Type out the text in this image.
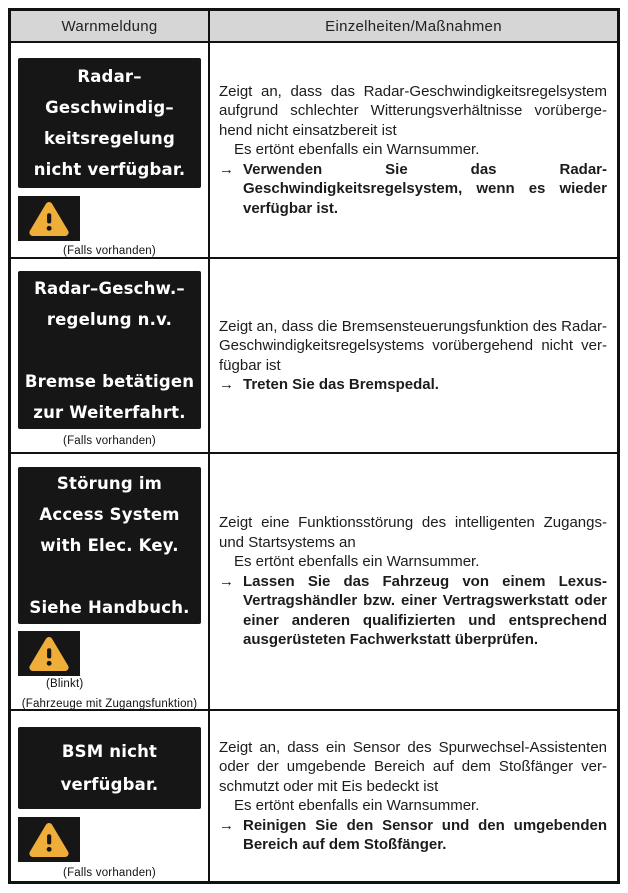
Warnmeldung	Einzelheiten/Maßnahmen
Radar–
Geschwindig–
keitsregelung
nicht verfügbar.
(Falls vorhanden)

Zeigt an, dass das Radar-Geschwindigkeitsregelsystem aufgrund schlechter Witterungsverhältnisse vorübergehend nicht einsatzbereit ist

Es ertönt ebenfalls ein Warnsummer.

→ Verwenden Sie das Radar-Geschwindigkeitsregelsystem, wenn es wieder verfügbar ist.
Radar–Geschw.–
regelung n.v.
Bremse betätigen
zur Weiterfahrt.
(Falls vorhanden)

Zeigt an, dass die Bremsensteuerungsfunktion des Radar-Geschwindigkeitsregelsystems vorübergehend nicht verfügbar ist

→ Treten Sie das Bremspedal.
Störung im
Access System
with Elec. Key.
Siehe Handbuch.
(Blinkt)
(Fahrzeuge mit Zugangsfunktion)

Zeigt eine Funktionsstörung des intelligenten Zugangs- und Startsystems an

Es ertönt ebenfalls ein Warnsummer.

→ Lassen Sie das Fahrzeug von einem Lexus-Vertragshändler bzw. einer Vertragswerkstatt oder einer anderen qualifizierten und entsprechend ausgerüsteten Fachwerkstatt überprüfen.
BSM nicht
verfügbar.
(Falls vorhanden)

Zeigt an, dass ein Sensor des Spurwechsel-Assistenten oder der umgebende Bereich auf dem Stoßfänger verschmutzt oder mit Eis bedeckt ist

Es ertönt ebenfalls ein Warnsummer.

→ Reinigen Sie den Sensor und den umgebenden Bereich auf dem Stoßfänger.
